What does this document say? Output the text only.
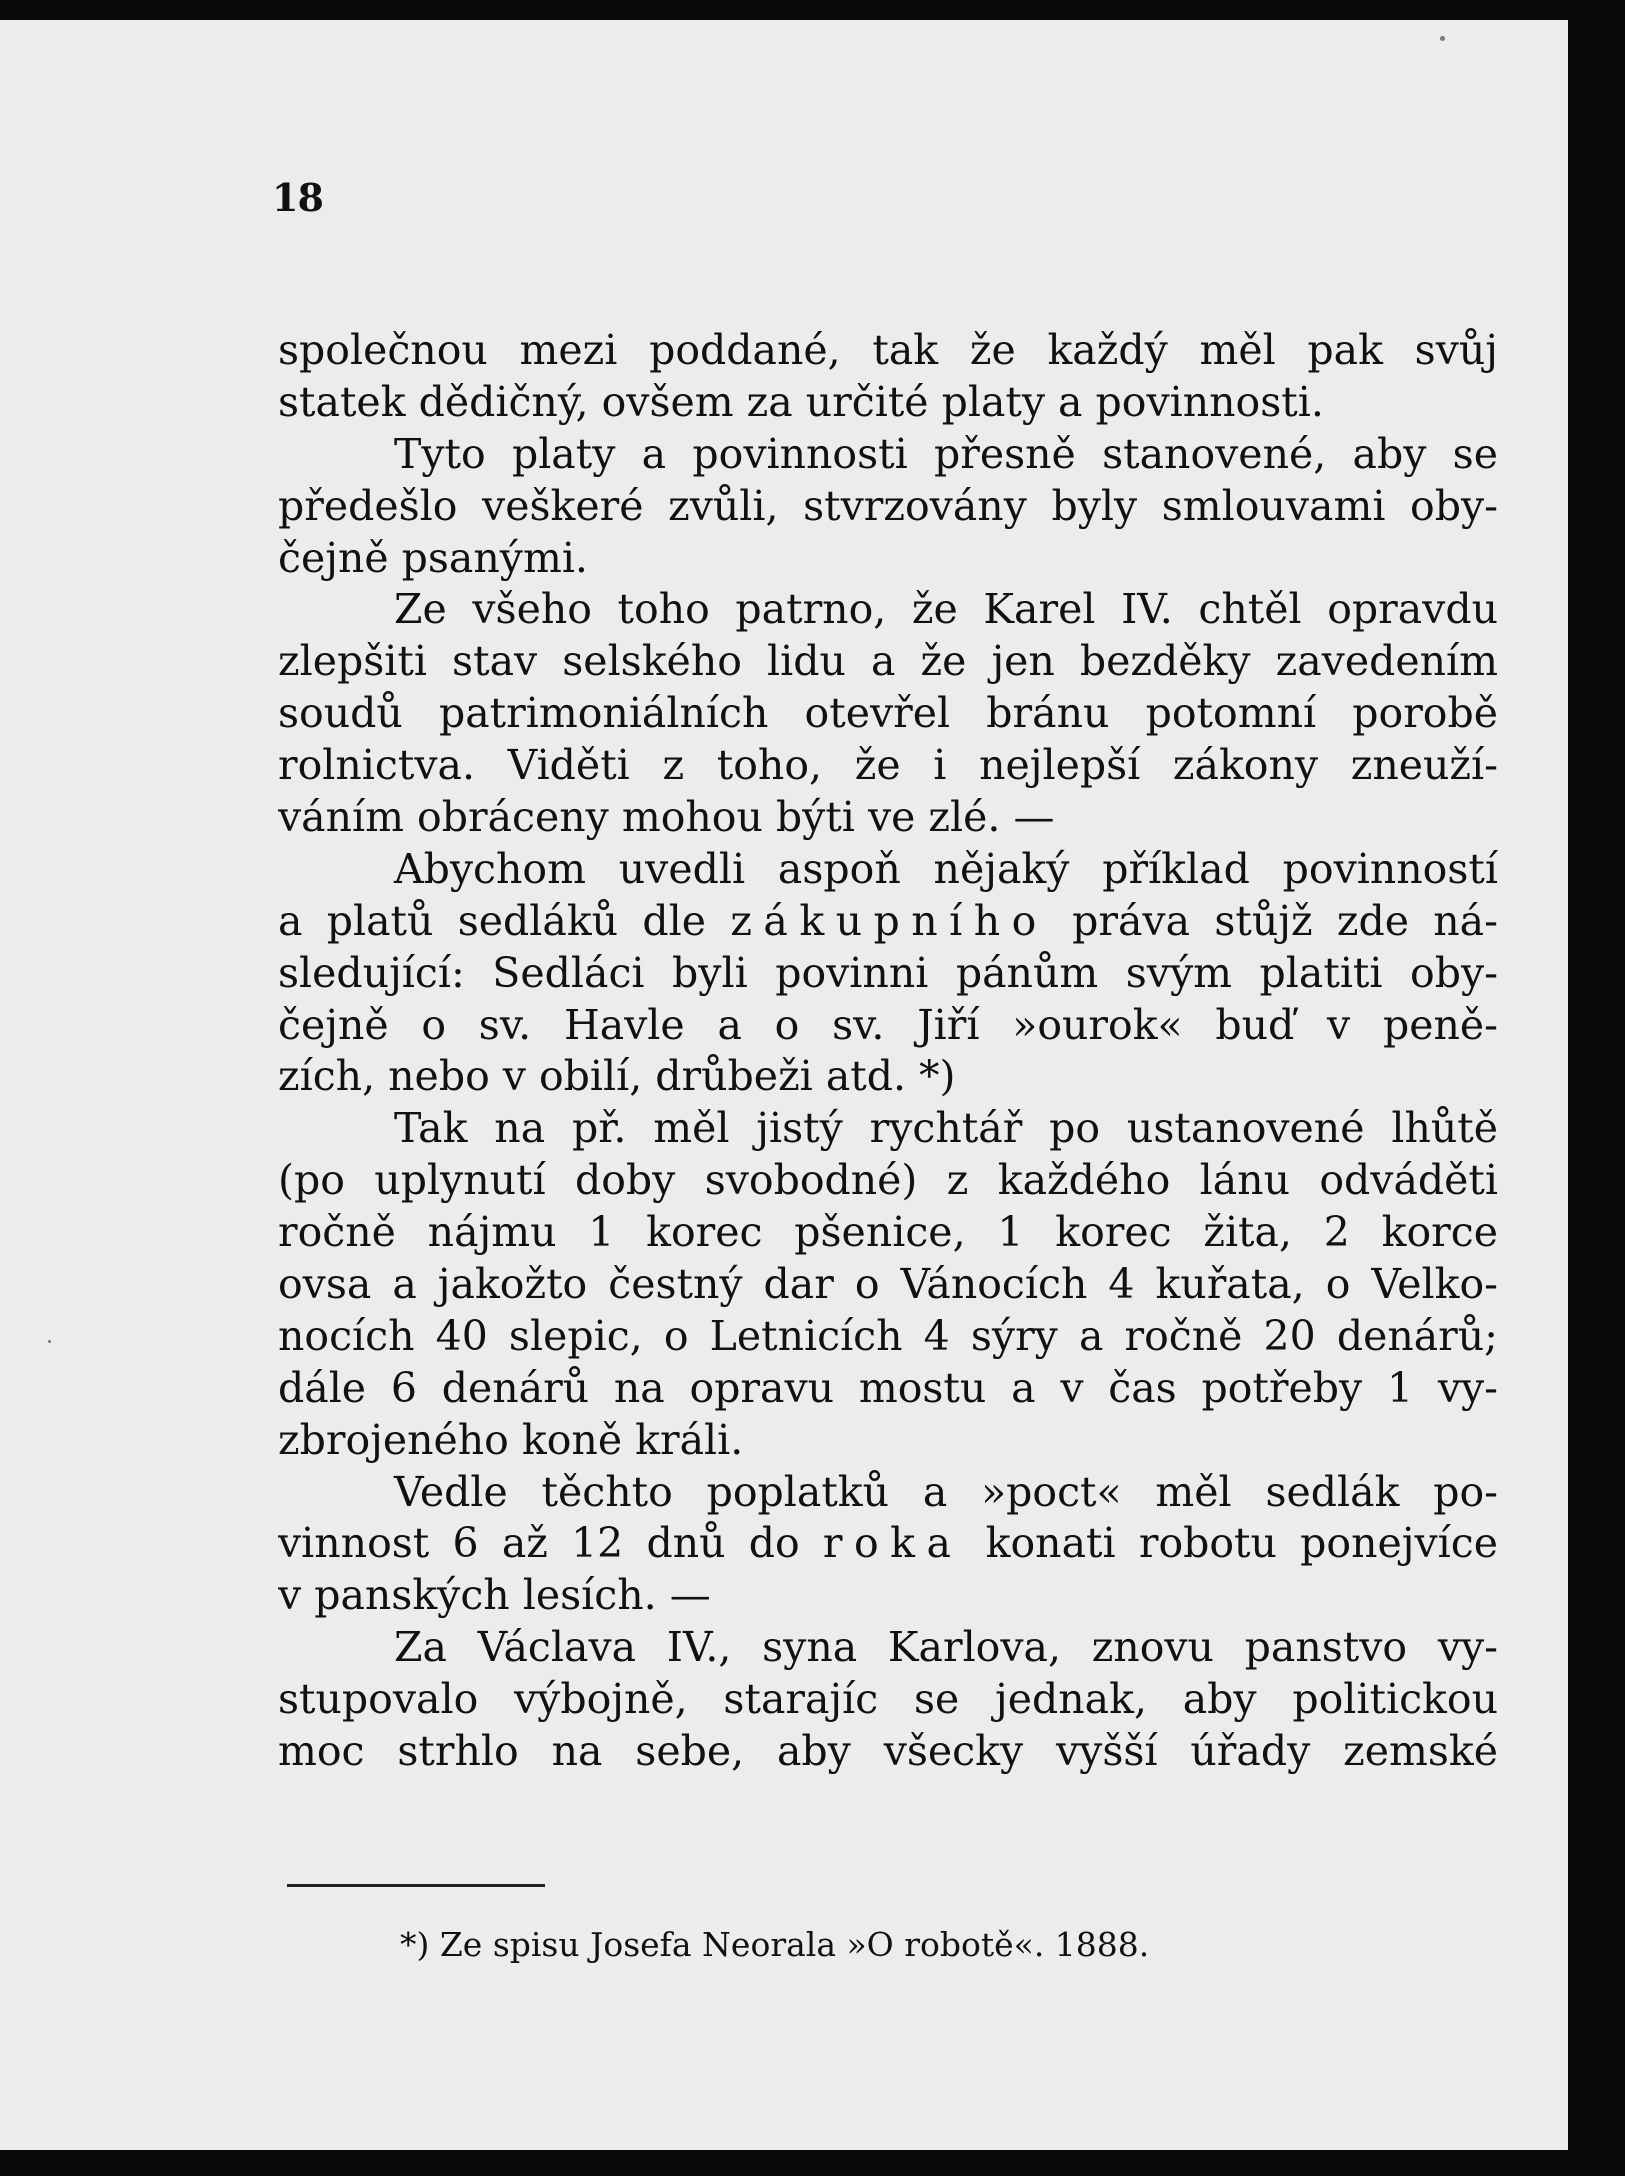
18
společnou mezi poddané, tak že každý měl pak svůj
statek dědičný, ovšem za určité platy a povinnosti.
Tyto platy a povinnosti přesně stanovené, aby se
předešlo veškeré zvůli, stvrzovány byly smlouvami oby-
čejně psanými.
Ze všeho toho patrno, že Karel IV. chtěl opravdu
zlepšiti stav selského lidu a že jen bezděky zavedením
soudů patrimoniálních otevřel bránu potomní porobě
rolnictva. Viděti z toho, že i nejlepší zákony zneuží-
váním obráceny mohou býti ve zlé. —
Abychom uvedli aspoň nějaký příklad povinností
a platů sedláků dle zákupního práva stůjž zde ná-
sledující: Sedláci byli povinni pánům svým platiti oby-
čejně o sv. Havle a o sv. Jiří »ourok« buď v peně-
zích, nebo v obilí, drůbeži atd. *)
Tak na př. měl jistý rychtář po ustanovené lhůtě
(po uplynutí doby svobodné) z každého lánu odváděti
ročně nájmu 1 korec pšenice, 1 korec žita, 2 korce
ovsa a jakožto čestný dar o Vánocích 4 kuřata, o Velko-
nocích 40 slepic, o Letnicích 4 sýry a ročně 20 denárů;
dále 6 denárů na opravu mostu a v čas potřeby 1 vy-
zbrojeného koně králi.
Vedle těchto poplatků a »poct« měl sedlák po-
vinnost 6 až 12 dnů do roka konati robotu ponejvíce
v panských lesích. —
Za Václava IV., syna Karlova, znovu panstvo vy-
stupovalo výbojně, starajíc se jednak, aby politickou
moc strhlo na sebe, aby všecky vyšší úřady zemské
*) Ze spisu Josefa Neorala »O robotě«. 1888.
